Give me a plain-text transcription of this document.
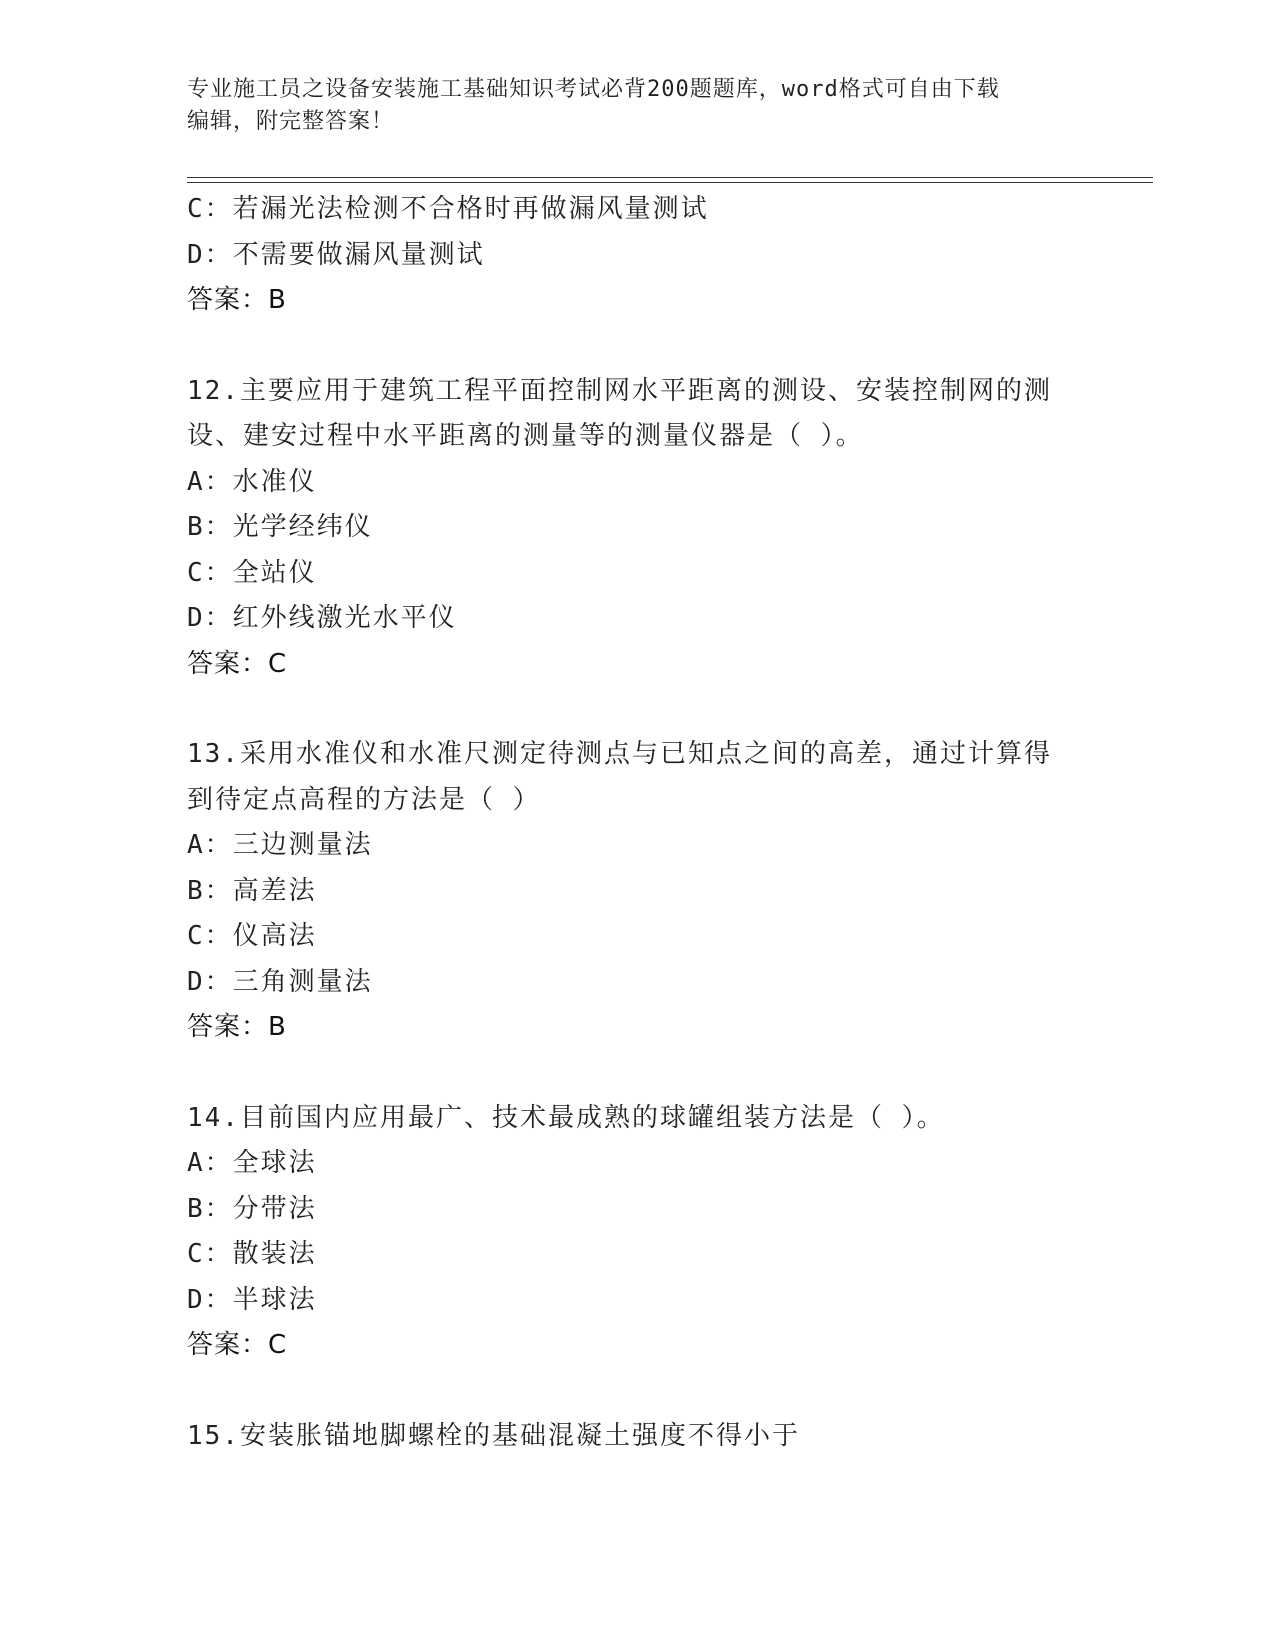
专业施工员之设备安装施工基础知识考试必背200题题库，word格式可自由下载
编辑，附完整答案！
C：若漏光法检测不合格时再做漏风量测试
D：不需要做漏风量测试
答案：B
12.主要应用于建筑工程平面控制网水平距离的测设、安装控制网的测
设、建安过程中水平距离的测量等的测量仪器是（ ）。
A：水准仪
B：光学经纬仪
C：全站仪
D：红外线激光水平仪
答案：C
13.采用水准仪和水准尺测定待测点与已知点之间的高差，通过计算得
到待定点高程的方法是（ ）
A：三边测量法
B：高差法
C：仪高法
D：三角测量法
答案：B
14.目前国内应用最广、技术最成熟的球罐组装方法是（ ）。
A：全球法
B：分带法
C：散装法
D：半球法
答案：C
15.安装胀锚地脚螺栓的基础混凝土强度不得小于
